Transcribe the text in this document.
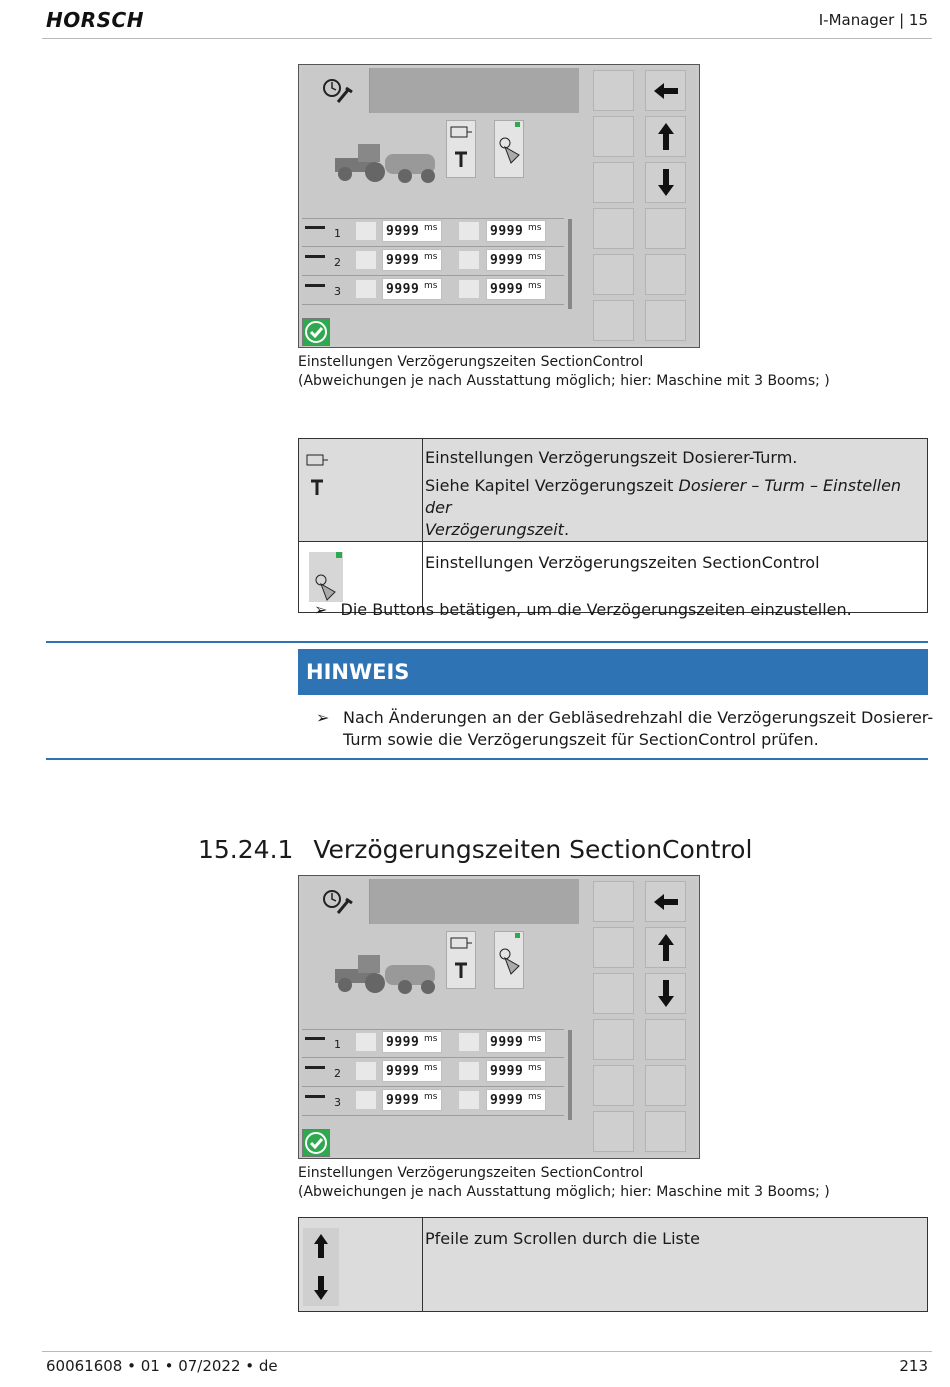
HORSCH	I-Manager | 15
1	9999 ms	9999 ms
2	9999 ms	9999 ms
3	9999 ms	9999 ms
Einstellungen Verzögerungszeiten SectionControl
(Abweichungen je nach Ausstattung möglich; hier: Maschine mit 3 Booms; )

Einstellungen Verzögerungszeit Dosierer-Turm.
Siehe Kapitel Verzögerungszeit Dosierer – Turm – Einstellen der
Verzögerungszeit.

	Einstellungen Verzögerungszeiten SectionControl
➢ Die Buttons betätigen, um die Verzögerungszeiten einzustellen.
HINWEIS
➢ Nach Änderungen an der Gebläsedrehzahl die Verzögerungszeit Dosierer-
Turm sowie die Verzögerungszeit für SectionControl prüfen.
15.24.1 Verzögerungszeiten SectionControl
1	9999 ms	9999 ms
2	9999 ms	9999 ms
3	9999 ms	9999 ms
Einstellungen Verzögerungszeiten SectionControl
(Abweichungen je nach Ausstattung möglich; hier: Maschine mit 3 Booms; )
	Pfeile zum Scrollen durch die Liste
60061608 • 01 • 07/2022 • de	213
